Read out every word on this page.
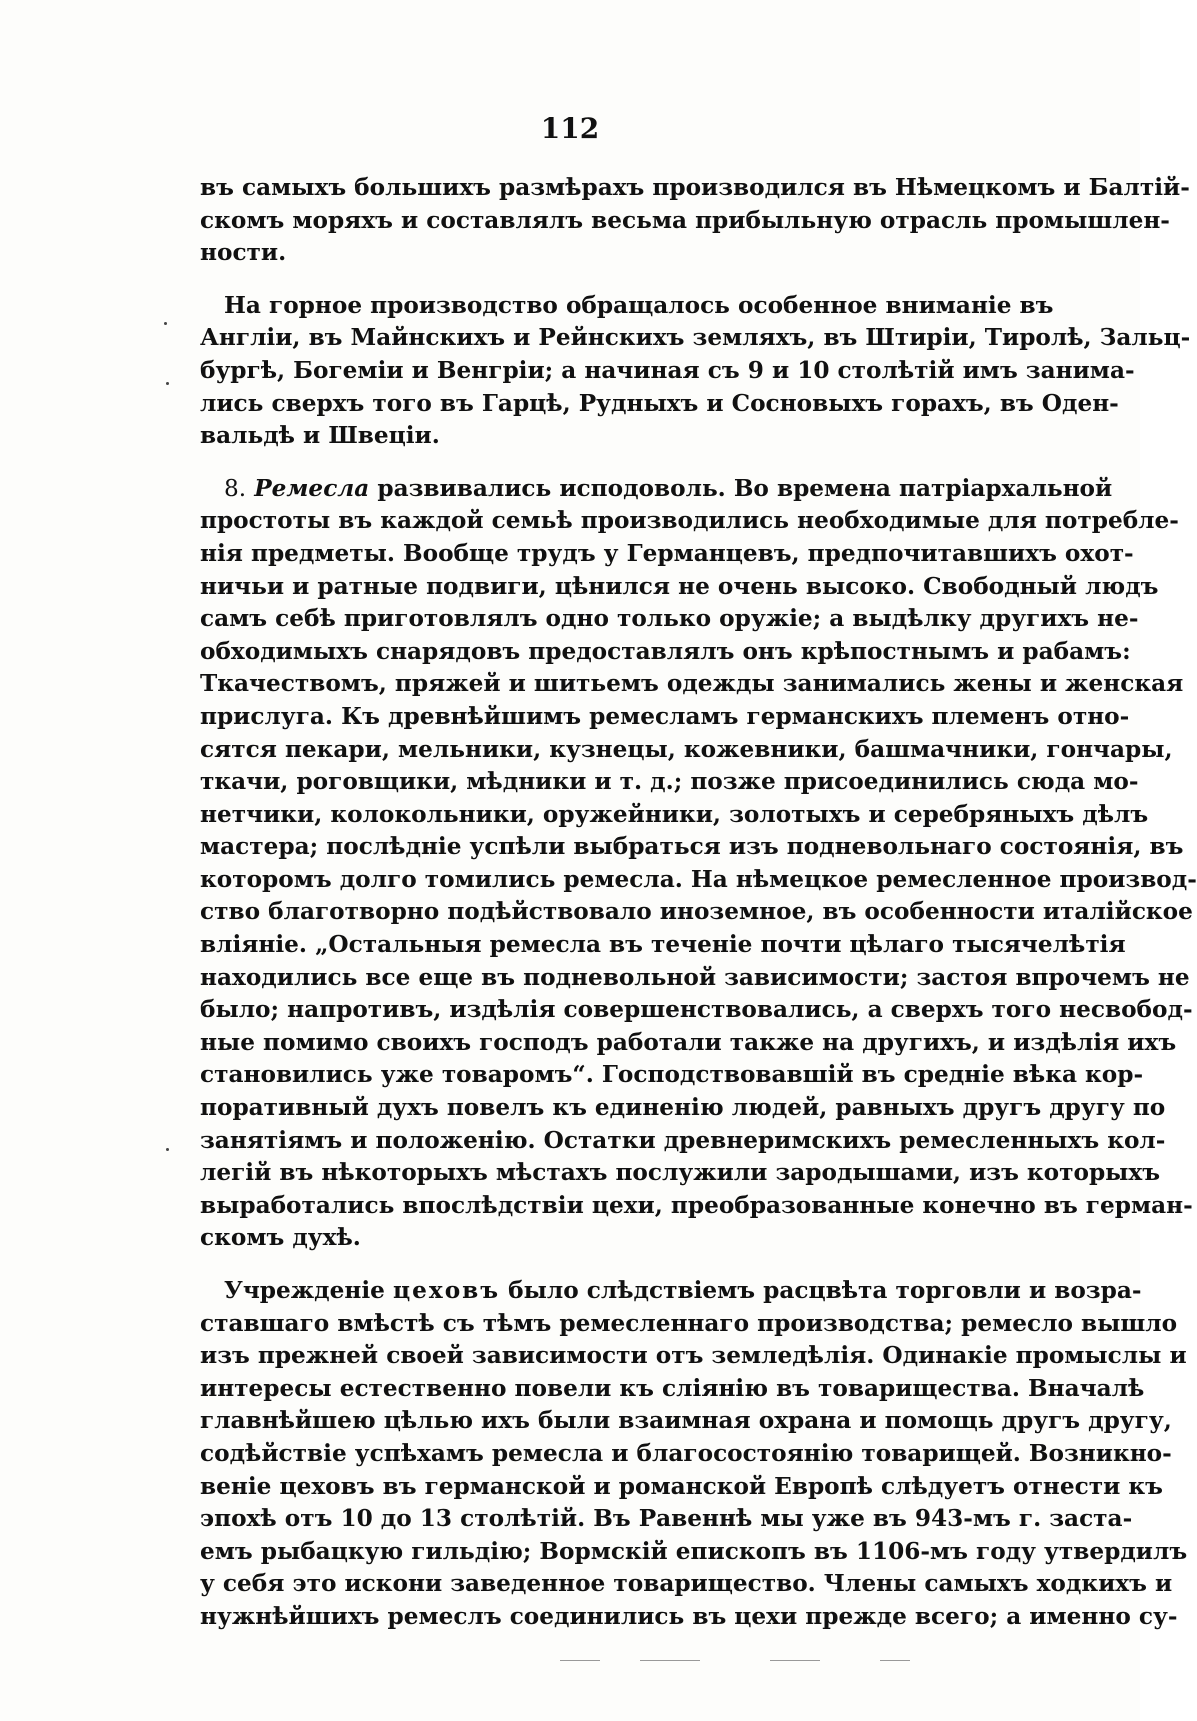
112
въ самыхъ большихъ размѣрахъ производился въ Нѣмецкомъ и Балтій-
скомъ моряхъ и составлялъ весьма прибыльную отрасль промышлен-
ности.
На горное производство обращалось особенное вниманіе въ
Англіи, въ Майнскихъ и Рейнскихъ земляхъ, въ Штиріи, Тиролѣ, Зальц-
бургѣ, Богеміи и Венгріи; а начиная съ 9 и 10 столѣтій имъ занима-
лись сверхъ того въ Гарцѣ, Рудныхъ и Сосновыхъ горахъ, въ Оден-
вальдѣ и Швеціи.
8. Ремесла развивались исподоволь. Во времена патріархальной
простоты въ каждой семьѣ производились необходимые для потребле-
нія предметы. Вообще трудъ у Германцевъ, предпочитавшихъ охот-
ничьи и ратные подвиги, цѣнился не очень высоко. Свободный людъ
самъ себѣ приготовлялъ одно только оружіе; а выдѣлку другихъ не-
обходимыхъ снарядовъ предоставлялъ онъ крѣпостнымъ и рабамъ:
Ткачествомъ, пряжей и шитьемъ одежды занимались жены и женская
прислуга. Къ древнѣйшимъ ремесламъ германскихъ племенъ отно-
сятся пекари, мельники, кузнецы, кожевники, башмачники, гончары,
ткачи, роговщики, мѣдники и т. д.; позже присоединились сюда мо-
нетчики, колокольники, оружейники, золотыхъ и серебряныхъ дѣлъ
мастера; послѣдніе успѣли выбраться изъ подневольнаго состоянія, въ
которомъ долго томились ремесла. На нѣмецкое ремесленное производ-
ство благотворно подѣйствовало иноземное, въ особенности италійское
вліяніе. „Остальныя ремесла въ теченіе почти цѣлаго тысячелѣтія
находились все еще въ подневольной зависимости; застоя впрочемъ не
было; напротивъ, издѣлія совершенствовались, а сверхъ того несвобод-
ные помимо своихъ господъ работали также на другихъ, и издѣлія ихъ
становились уже товаромъ“. Господствовавшій въ средніе вѣка кор-
поративный духъ повелъ къ единенію людей, равныхъ другъ другу по
занятіямъ и положенію. Остатки древнеримскихъ ремесленныхъ кол-
легій въ нѣкоторыхъ мѣстахъ послужили зародышами, изъ которыхъ
выработались впослѣдствіи цехи, преобразованные конечно въ герман-
скомъ духѣ.
Учрежденіе цеховъ было слѣдствіемъ расцвѣта торговли и возра-
ставшаго вмѣстѣ съ тѣмъ ремесленнаго производства; ремесло вышло
изъ прежней своей зависимости отъ земледѣлія. Одинакіе промыслы и
интересы естественно повели къ слiянію въ товарищества. Вначалѣ
главнѣйшею цѣлью ихъ были взаимная охрана и помощь другъ другу,
содѣйствіе успѣхамъ ремесла и благосостоянію товарищей. Возникно-
веніе цеховъ въ германской и романской Европѣ слѣдуетъ отнести къ
эпохѣ отъ 10 до 13 столѣтій. Въ Равеннѣ мы уже въ 943-мъ г. застa-
емъ рыбацкую гильдію; Вормскій епископъ въ 1106-мъ году утвердилъ
у себя это искони заведенное товарищество. Члены самыхъ ходкихъ и
нужнѣйшихъ ремеслъ соединились въ цехи прежде всего; а именно су-
